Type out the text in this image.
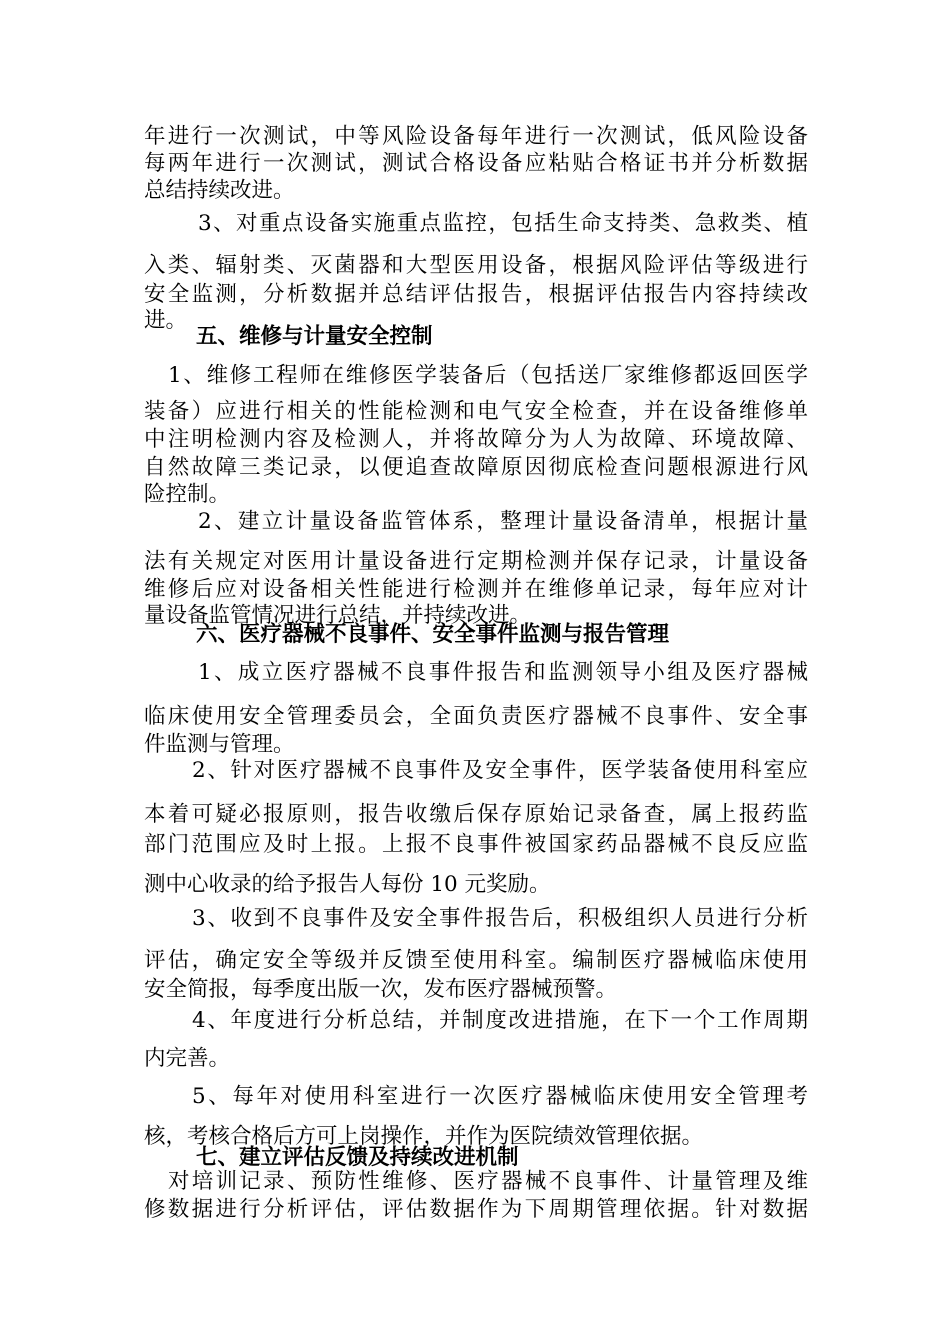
年进行一次测试，中等风险设备每年进行一次测试，低风险设备
每两年进行一次测试，测试合格设备应粘贴合格证书并分析数据
总结持续改进。
3、对重点设备实施重点监控，包括生命支持类、急救类、植
入类、辐射类、灭菌器和大型医用设备，根据风险评估等级进行
安全监测，分析数据并总结评估报告，根据评估报告内容持续改
进。
五、维修与计量安全控制
1、维修工程师在维修医学装备后（包括送厂家维修都返回医学
装备）应进行相关的性能检测和电气安全检查，并在设备维修单
中注明检测内容及检测人，并将故障分为人为故障、环境故障、
自然故障三类记录，以便追查故障原因彻底检查问题根源进行风
险控制。
2、建立计量设备监管体系，整理计量设备清单，根据计量
法有关规定对医用计量设备进行定期检测并保存记录，计量设备
维修后应对设备相关性能进行检测并在维修单记录，每年应对计
量设备监管情况进行总结，并持续改进。
六、医疗器械不良事件、安全事件监测与报告管理
1、成立医疗器械不良事件报告和监测领导小组及医疗器械
临床使用安全管理委员会，全面负责医疗器械不良事件、安全事
件监测与管理。
2、针对医疗器械不良事件及安全事件，医学装备使用科室应
本着可疑必报原则，报告收缴后保存原始记录备查，属上报药监
部门范围应及时上报。上报不良事件被国家药品器械不良反应监
测中心收录的给予报告人每份 10 元奖励。
3、收到不良事件及安全事件报告后，积极组织人员进行分析
评估，确定安全等级并反馈至使用科室。编制医疗器械临床使用
安全简报，每季度出版一次，发布医疗器械预警。
4、年度进行分析总结，并制度改进措施，在下一个工作周期
内完善。
5、每年对使用科室进行一次医疗器械临床使用安全管理考
核，考核合格后方可上岗操作，并作为医院绩效管理依据。
七、建立评估反馈及持续改进机制
对培训记录、预防性维修、医疗器械不良事件、计量管理及维
修数据进行分析评估，评估数据作为下周期管理依据。针对数据
